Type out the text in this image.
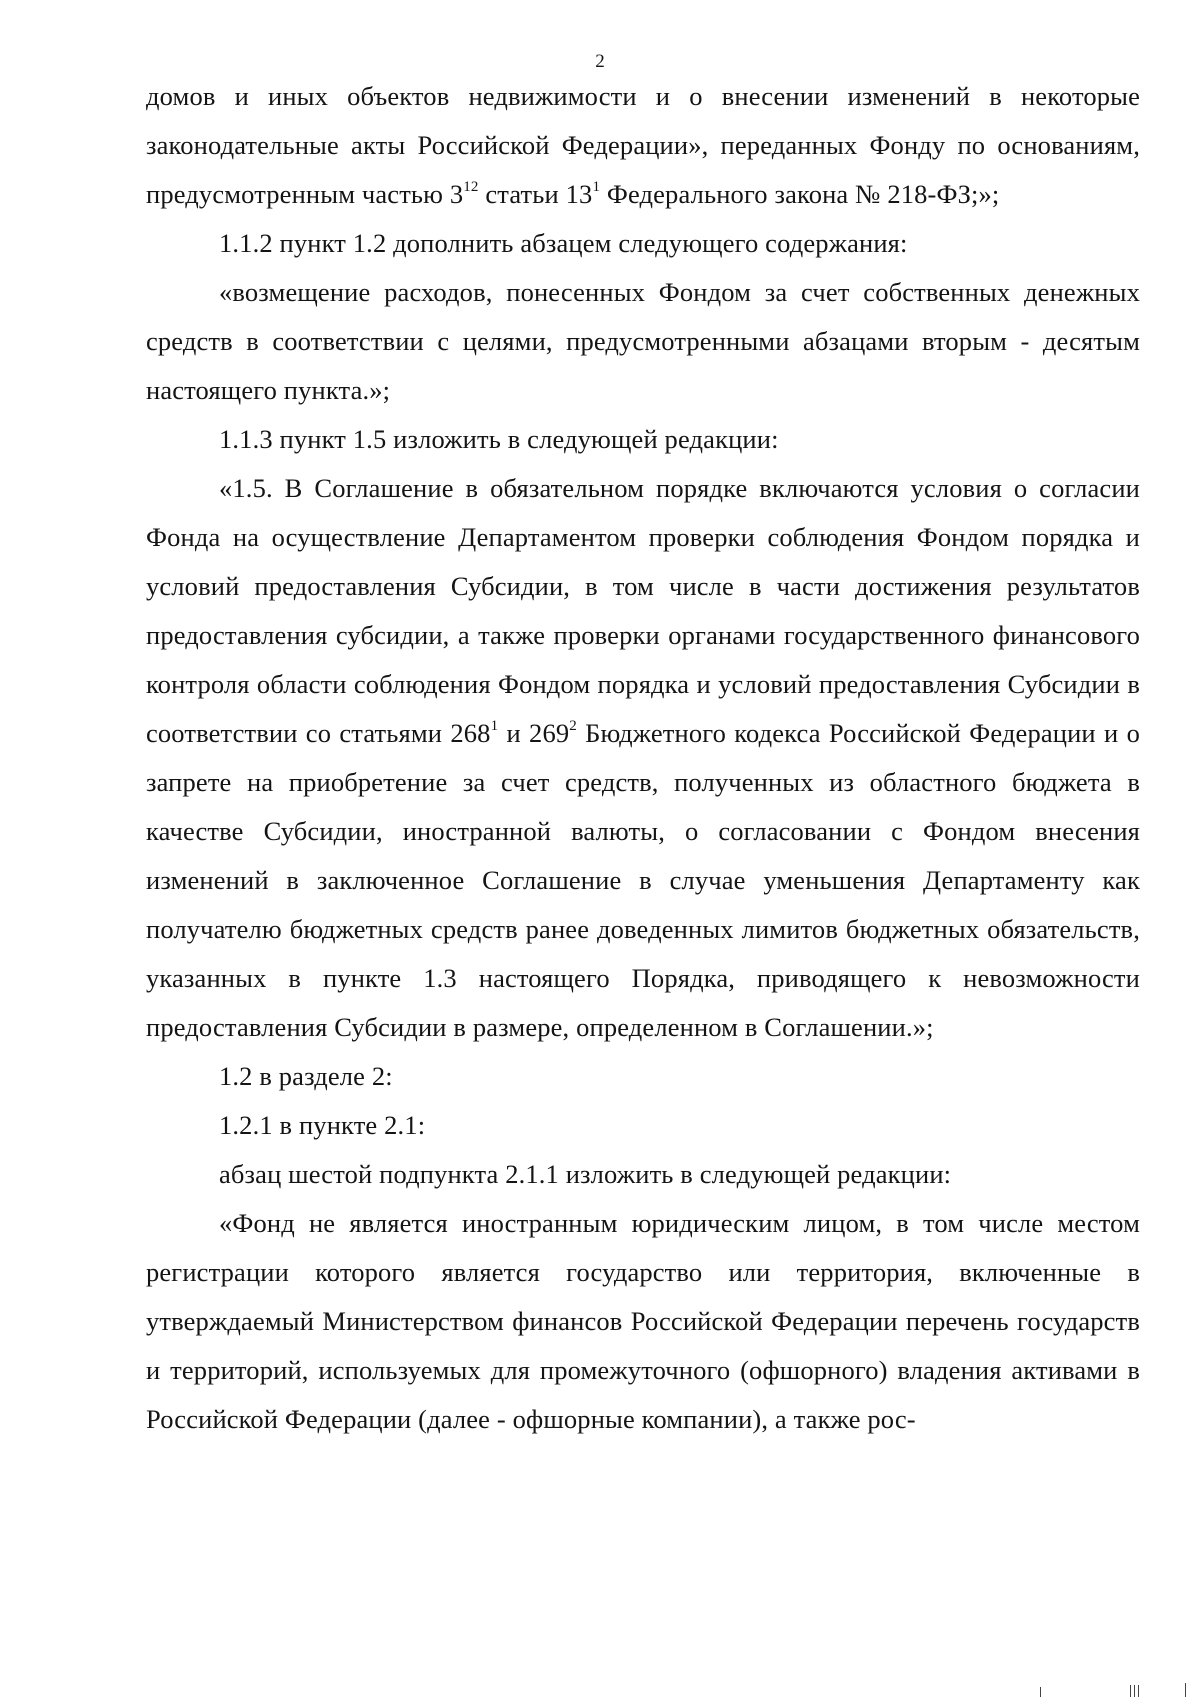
2

домов и иных объектов недвижимости и о внесении изменений в некоторые законодательные акты Российской Федерации», переданных Фонду по основаниям, предусмотренным частью $3^{12}$ статьи $13^1$ Федерального закона № 218-ФЗ;»;

1.1.2 пункт 1.2 дополнить абзацем следующего содержания:

«возмещение расходов, понесенных Фондом за счет собственных денежных средств в соответствии с целями, предусмотренными абзацами вторым - десятым настоящего пункта.»;

1.1.3 пункт 1.5 изложить в следующей редакции:

«1.5. В Соглашение в обязательном порядке включаются условия о согласии Фонда на осуществление Департаментом проверки соблюдения Фондом порядка и условий предоставления Субсидии, в том числе в части достижения результатов предоставления субсидии, а также проверки органами государственного финансового контроля области соблюдения Фондом порядка и условий предоставления Субсидии в соответствии со статьями $268^1$ и $269^2$ Бюджетного кодекса Российской Федерации и о запрете на приобретение за счет средств, полученных из областного бюджета в качестве Субсидии, иностранной валюты, о согласовании с Фондом внесения изменений в заключенное Соглашение в случае уменьшения Департаменту как получателю бюджетных средств ранее доведенных лимитов бюджетных обязательств, указанных в пункте 1.3 настоящего Порядка, приводящего к невозможности предоставления Субсидии в размере, определенном в Соглашении.»;

1.2 в разделе 2:

1.2.1 в пункте 2.1:

абзац шестой подпункта 2.1.1 изложить в следующей редакции:

«Фонд не является иностранным юридическим лицом, в том числе местом регистрации которого является государство или территория, включенные в утверждаемый Министерством финансов Российской Федерации перечень государств и территорий, используемых для промежуточного (офшорного) владения активами в Российской Федерации (далее - офшорные компании), а также рос-
